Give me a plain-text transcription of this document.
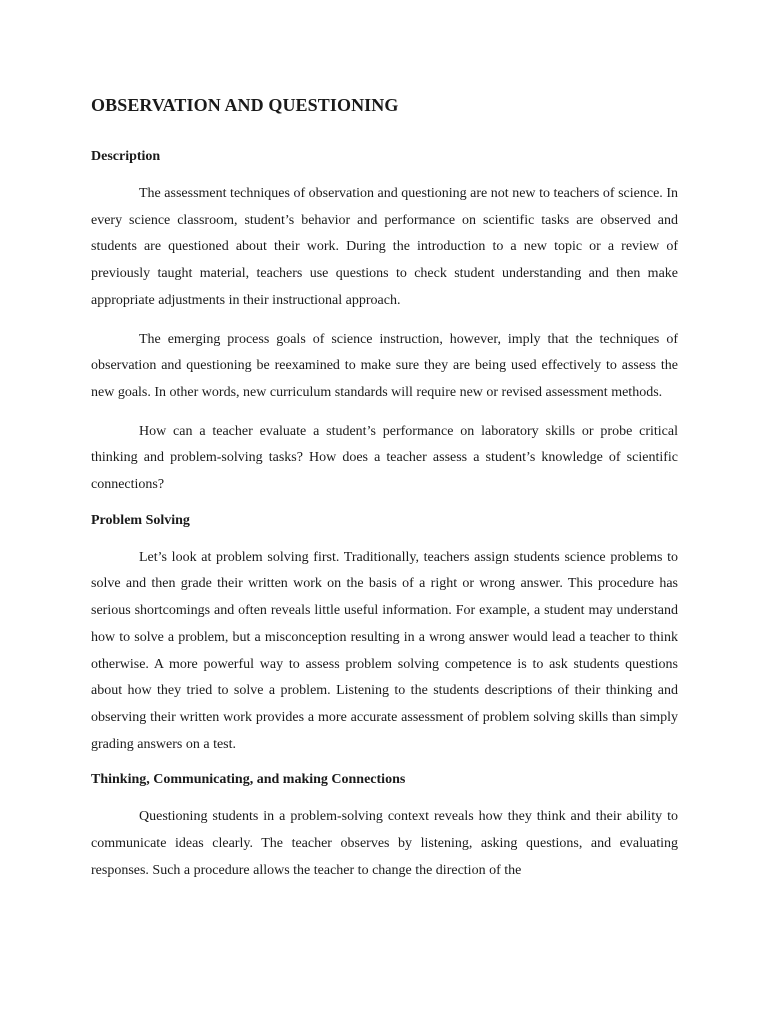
OBSERVATION AND QUESTIONING
Description

The assessment techniques of observation and questioning are not new to teachers of science. In every science classroom, student’s behavior and performance on scientific tasks are observed and students are questioned about their work. During the introduction to a new topic or a review of previously taught material, teachers use questions to check student understanding and then make appropriate adjustments in their instructional approach.

The emerging process goals of science instruction, however, imply that the techniques of observation and questioning be reexamined to make sure they are being used effectively to assess the new goals. In other words, new curriculum standards will require new or revised assessment methods.

How can a teacher evaluate a student’s performance on laboratory skills or probe critical thinking and problem-solving tasks? How does a teacher assess a student’s knowledge of scientific connections?

Problem Solving

Let’s look at problem solving first. Traditionally, teachers assign students science problems to solve and then grade their written work on the basis of a right or wrong answer. This procedure has serious shortcomings and often reveals little useful information. For example, a student may understand how to solve a problem, but a misconception resulting in a wrong answer would lead a teacher to think otherwise. A more powerful way to assess problem solving competence is to ask students questions about how they tried to solve a problem. Listening to the students descriptions of their thinking and observing their written work provides a more accurate assessment of problem solving skills than simply grading answers on a test.

Thinking, Communicating, and making Connections

Questioning students in a problem-solving context reveals how they think and their ability to communicate ideas clearly. The teacher observes by listening, asking questions, and evaluating responses. Such a procedure allows the teacher to change the direction of the
